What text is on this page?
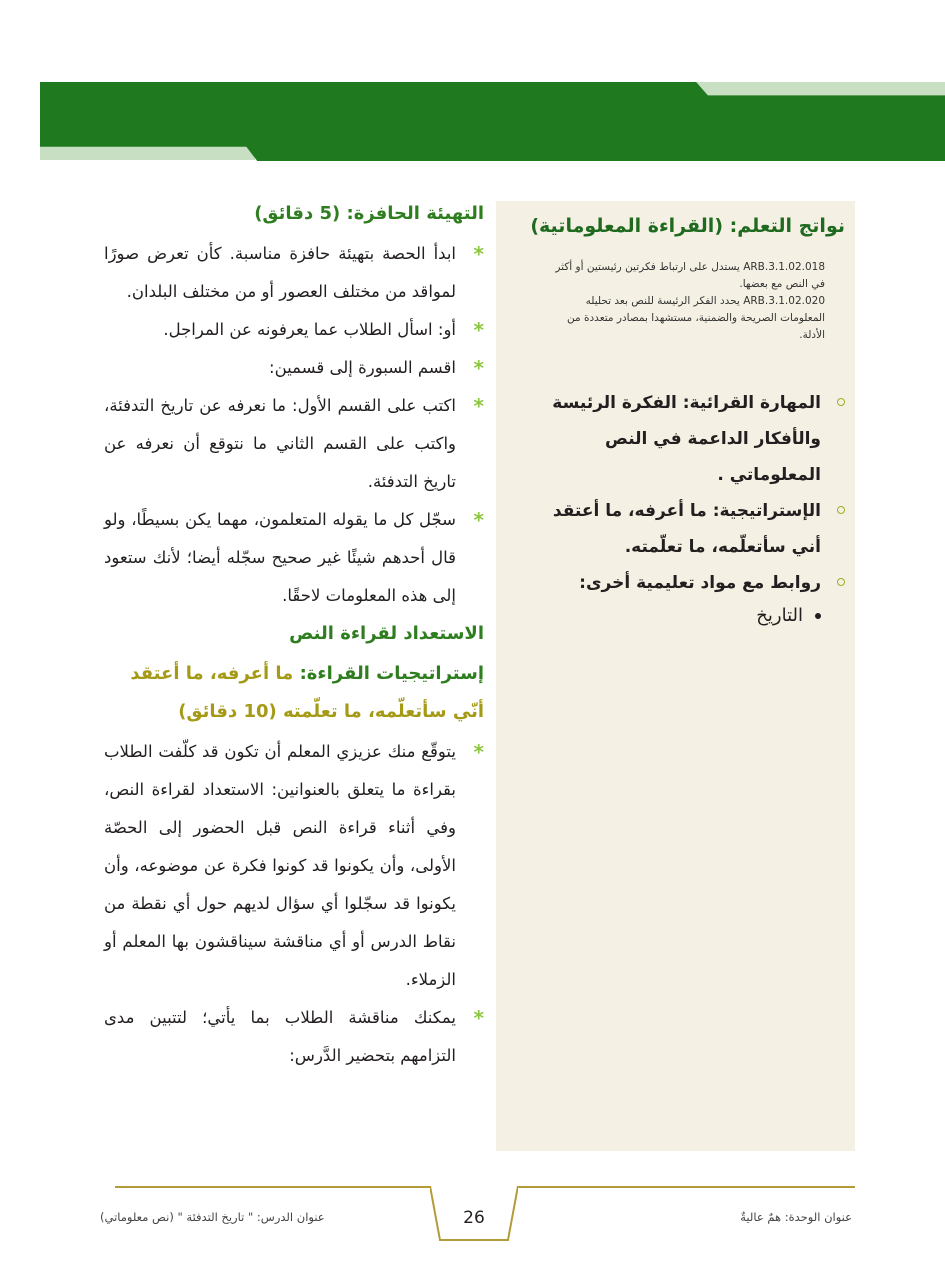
نواتج التعلم: (القراءة المعلوماتية)

ARB.3.1.02.018 يستدل على ارتباط فكرتين رئيستين أو أكثر في النص مع بعضها.

ARB.3.1.02.020 يحدد الفكر الرئيسة للنص بعد تحليله المعلومات الصريحة والضمنية، مستشهدا بمصادر متعددة من الأدلة.

المهارة القرائية: الفكرة الرئيسة والأفكار الداعمة في النص المعلوماتي .
الإستراتيجية: ما أعرفه، ما أعتقد أني سأتعلّمه، ما تعلّمته.
روابط مع مواد تعليمية أخرى:
التاريخ
التهيئة الحافزة: (5 دقائق)

*
ابدأ الحصة بتهيئة حافزة مناسبة. كأن تعرض صورًا لمواقد من مختلف العصور أو من مختلف البلدان.

*
أو: اسأل الطلاب عما يعرفونه عن المراجل.

*
اقسم السبورة إلى قسمين:

*
اكتب على القسم الأول: ما نعرفه عن تاريخ التدفئة، واكتب على القسم الثاني ما نتوقع أن نعرفه عن تاريخ التدفئة.

*
سجّل كل ما يقوله المتعلمون، مهما يكن بسيطًا، ولو قال أحدهم شيئًا غير صحيح سجّله أيضا؛ لأنك ستعود إلى هذه المعلومات لاحقًا.

الاستعداد لقراءة النص
إستراتيجيات القراءة: ما أعرفه، ما أعتقد أنّي سأتعلّمه، ما تعلّمته (10 دقائق)

*
يتوقّع منك عزيزي المعلم أن تكون قد كلّفت الطلاب بقراءة ما يتعلق بالعنوانين: الاستعداد لقراءة النص، وفي أثناء قراءة النص قبل الحضور إلى الحصّة الأولى، وأن يكونوا قد كونوا فكرة عن موضوعه، وأن يكونوا قد سجّلوا أي سؤال لديهم حول أي نقطة من نقاط الدرس أو أي مناقشة سيناقشون بها المعلم أو الزملاء.

*
يمكنك مناقشة الطلاب بما يأتي؛ لتتبين مدى التزامهم بتحضير الدَّرس:

26
عنوان الدرس: " تاريخ التدفئة " (نص معلوماتي)	عنوان الوحدة: همٌ عاليةٌ
